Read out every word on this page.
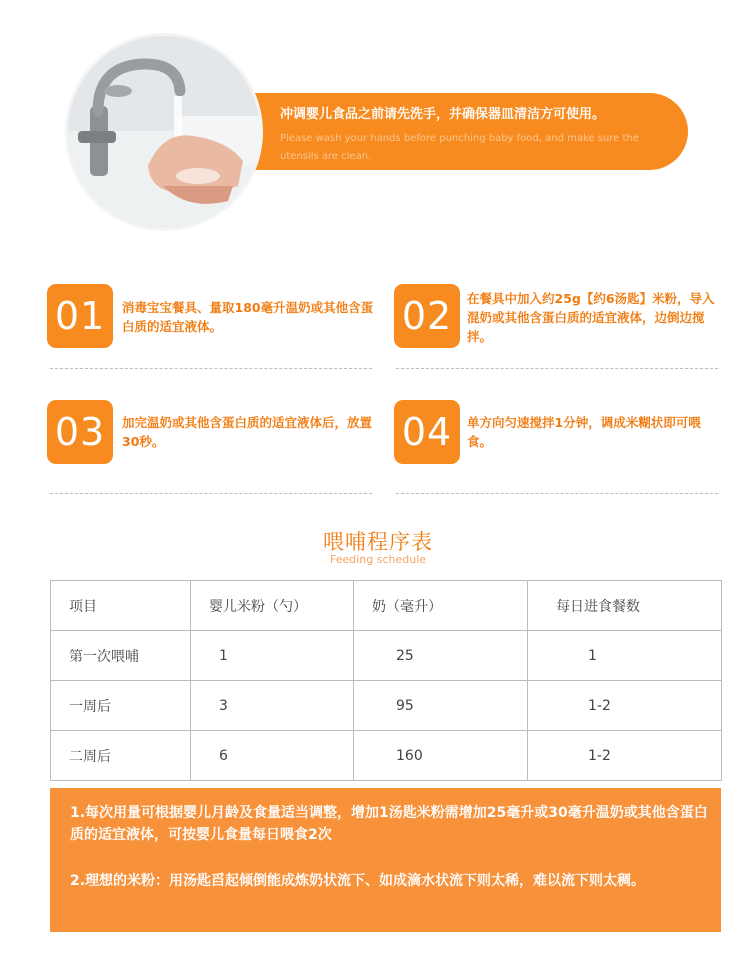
冲调婴儿食品之前请先洗手，并确保器皿清洁方可使用。
Please wash your hands before punching baby food, and make sure the utensils are clean.
01	消毒宝宝餐具、量取180毫升温奶或其他含蛋白质的适宜液体。	02	在餐具中加入约25g【约6汤匙】米粉，导入混奶或其他含蛋白质的适宜液体，边倒边搅拌。
03	加完温奶或其他含蛋白质的适宜液体后，放置30秒。	04	单方向匀速搅拌1分钟，调成米糊状即可喂食。
喂哺程序表
Feeding schedule
项目	婴儿米粉（勺）	奶（毫升）	每日进食餐数
第一次喂哺	1	25	1
一周后	3	95	1-2
二周后	6	160	1-2
1.每次用量可根据婴儿月龄及食量适当调整，增加1汤匙米粉需增加25毫升或30毫升温奶或其他含蛋白质的适宜液体，可按婴儿食量每日喂食2次
2.理想的米粉：用汤匙舀起倾倒能成炼奶状流下、如成滴水状流下则太稀，难以流下则太稠。
